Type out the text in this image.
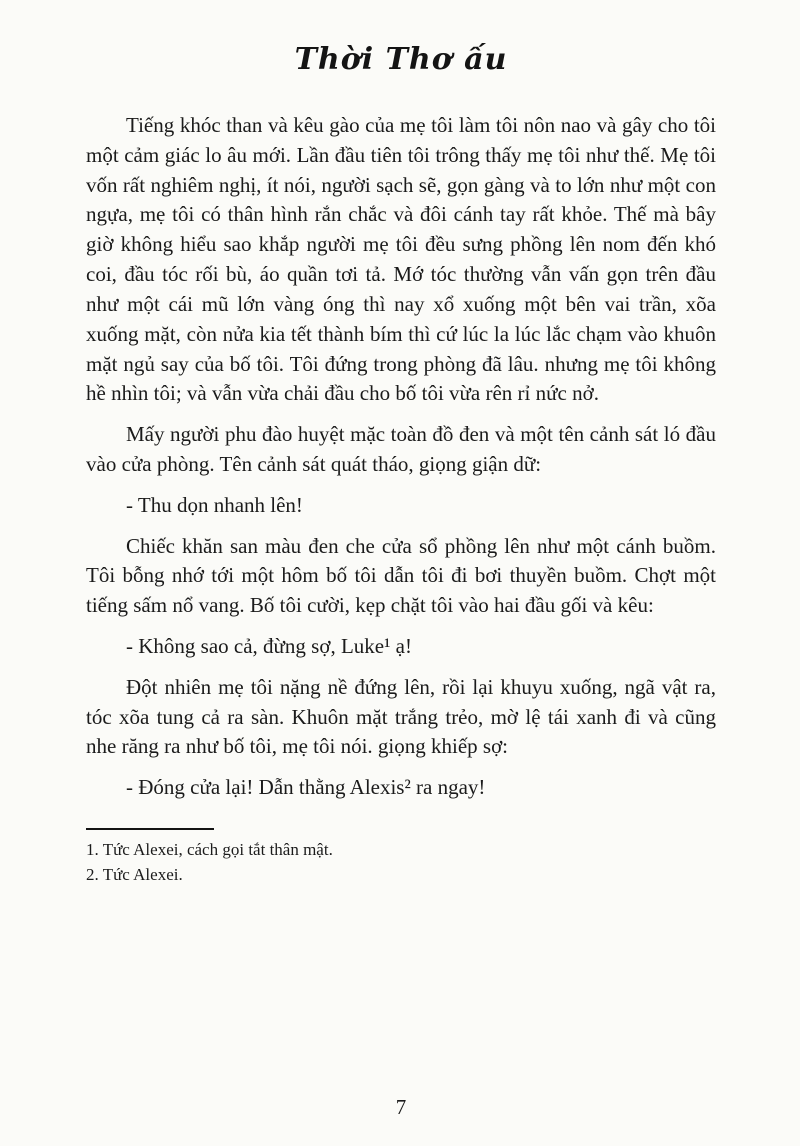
Thời Thơ ấu

Tiếng khóc than và kêu gào của mẹ tôi làm tôi nôn nao và gây cho tôi một cảm giác lo âu mới. Lần đầu tiên tôi trông thấy mẹ tôi như thế. Mẹ tôi vốn rất nghiêm nghị, ít nói, người sạch sẽ, gọn gàng và to lớn như một con ngựa, mẹ tôi có thân hình rắn chắc và đôi cánh tay rất khỏe. Thế mà bây giờ không hiểu sao khắp người mẹ tôi đều sưng phồng lên nom đến khó coi, đầu tóc rối bù, áo quần tơi tả. Mớ tóc thường vẫn vấn gọn trên đầu như một cái mũ lớn vàng óng thì nay xổ xuống một bên vai trần, xõa xuống mặt, còn nửa kia tết thành bím thì cứ lúc la lúc lắc chạm vào khuôn mặt ngủ say của bố tôi. Tôi đứng trong phòng đã lâu. nhưng mẹ tôi không hề nhìn tôi; và vẫn vừa chải đầu cho bố tôi vừa rên rỉ nức nở.

Mấy người phu đào huyệt mặc toàn đồ đen và một tên cảnh sát ló đầu vào cửa phòng. Tên cảnh sát quát tháo, giọng giận dữ:

- Thu dọn nhanh lên!

Chiếc khăn san màu đen che cửa sổ phồng lên như một cánh buồm. Tôi bỗng nhớ tới một hôm bố tôi dẫn tôi đi bơi thuyền buồm. Chợt một tiếng sấm nổ vang. Bố tôi cười, kẹp chặt tôi vào hai đầu gối và kêu:

- Không sao cả, đừng sợ, Luke¹ ạ!

Đột nhiên mẹ tôi nặng nề đứng lên, rồi lại khuyu xuống, ngã vật ra, tóc xõa tung cả ra sàn. Khuôn mặt trắng trẻo, mờ lệ tái xanh đi và cũng nhe răng ra như bố tôi, mẹ tôi nói. giọng khiếp sợ:

- Đóng cửa lại! Dẫn thằng Alexis² ra ngay!

1. Tức Alexei, cách gọi tắt thân mật.

2. Tức Alexei.

7
